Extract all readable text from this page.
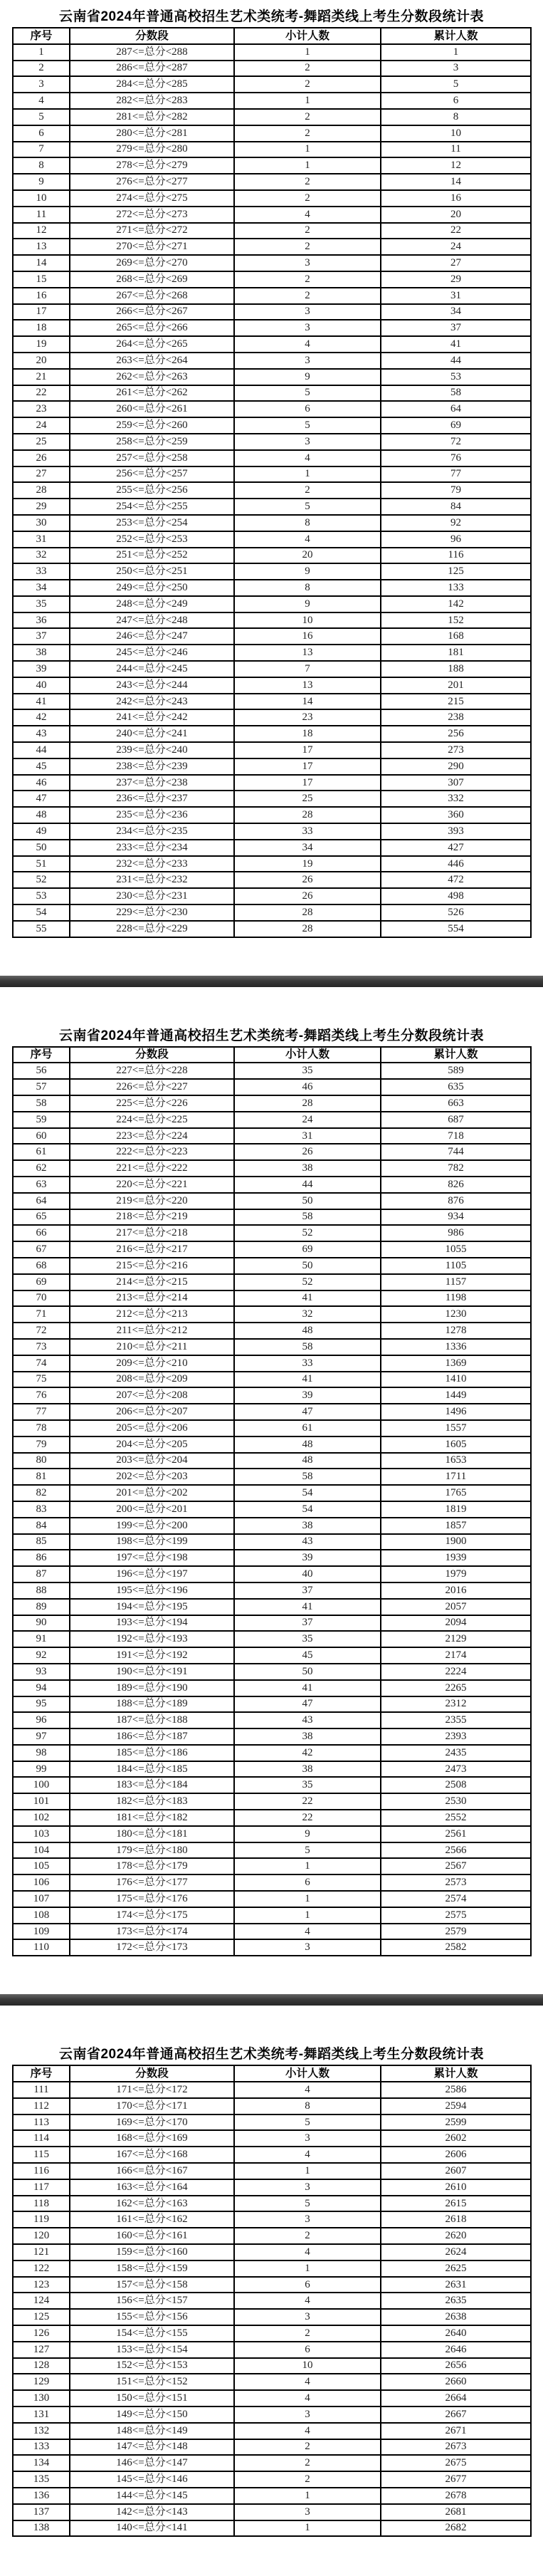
云南省2024年普通高校招生艺术类统考-舞蹈类线上考生分数段统计表
序号	分数段	小计人数	累计人数
1	287<=总分<288	1	1
2	286<=总分<287	2	3
3	284<=总分<285	2	5
4	282<=总分<283	1	6
5	281<=总分<282	2	8
6	280<=总分<281	2	10
7	279<=总分<280	1	11
8	278<=总分<279	1	12
9	276<=总分<277	2	14
10	274<=总分<275	2	16
11	272<=总分<273	4	20
12	271<=总分<272	2	22
13	270<=总分<271	2	24
14	269<=总分<270	3	27
15	268<=总分<269	2	29
16	267<=总分<268	2	31
17	266<=总分<267	3	34
18	265<=总分<266	3	37
19	264<=总分<265	4	41
20	263<=总分<264	3	44
21	262<=总分<263	9	53
22	261<=总分<262	5	58
23	260<=总分<261	6	64
24	259<=总分<260	5	69
25	258<=总分<259	3	72
26	257<=总分<258	4	76
27	256<=总分<257	1	77
28	255<=总分<256	2	79
29	254<=总分<255	5	84
30	253<=总分<254	8	92
31	252<=总分<253	4	96
32	251<=总分<252	20	116
33	250<=总分<251	9	125
34	249<=总分<250	8	133
35	248<=总分<249	9	142
36	247<=总分<248	10	152
37	246<=总分<247	16	168
38	245<=总分<246	13	181
39	244<=总分<245	7	188
40	243<=总分<244	13	201
41	242<=总分<243	14	215
42	241<=总分<242	23	238
43	240<=总分<241	18	256
44	239<=总分<240	17	273
45	238<=总分<239	17	290
46	237<=总分<238	17	307
47	236<=总分<237	25	332
48	235<=总分<236	28	360
49	234<=总分<235	33	393
50	233<=总分<234	34	427
51	232<=总分<233	19	446
52	231<=总分<232	26	472
53	230<=总分<231	26	498
54	229<=总分<230	28	526
55	228<=总分<229	28	554
云南省2024年普通高校招生艺术类统考-舞蹈类线上考生分数段统计表
序号	分数段	小计人数	累计人数
56	227<=总分<228	35	589
57	226<=总分<227	46	635
58	225<=总分<226	28	663
59	224<=总分<225	24	687
60	223<=总分<224	31	718
61	222<=总分<223	26	744
62	221<=总分<222	38	782
63	220<=总分<221	44	826
64	219<=总分<220	50	876
65	218<=总分<219	58	934
66	217<=总分<218	52	986
67	216<=总分<217	69	1055
68	215<=总分<216	50	1105
69	214<=总分<215	52	1157
70	213<=总分<214	41	1198
71	212<=总分<213	32	1230
72	211<=总分<212	48	1278
73	210<=总分<211	58	1336
74	209<=总分<210	33	1369
75	208<=总分<209	41	1410
76	207<=总分<208	39	1449
77	206<=总分<207	47	1496
78	205<=总分<206	61	1557
79	204<=总分<205	48	1605
80	203<=总分<204	48	1653
81	202<=总分<203	58	1711
82	201<=总分<202	54	1765
83	200<=总分<201	54	1819
84	199<=总分<200	38	1857
85	198<=总分<199	43	1900
86	197<=总分<198	39	1939
87	196<=总分<197	40	1979
88	195<=总分<196	37	2016
89	194<=总分<195	41	2057
90	193<=总分<194	37	2094
91	192<=总分<193	35	2129
92	191<=总分<192	45	2174
93	190<=总分<191	50	2224
94	189<=总分<190	41	2265
95	188<=总分<189	47	2312
96	187<=总分<188	43	2355
97	186<=总分<187	38	2393
98	185<=总分<186	42	2435
99	184<=总分<185	38	2473
100	183<=总分<184	35	2508
101	182<=总分<183	22	2530
102	181<=总分<182	22	2552
103	180<=总分<181	9	2561
104	179<=总分<180	5	2566
105	178<=总分<179	1	2567
106	176<=总分<177	6	2573
107	175<=总分<176	1	2574
108	174<=总分<175	1	2575
109	173<=总分<174	4	2579
110	172<=总分<173	3	2582
云南省2024年普通高校招生艺术类统考-舞蹈类线上考生分数段统计表
序号	分数段	小计人数	累计人数
111	171<=总分<172	4	2586
112	170<=总分<171	8	2594
113	169<=总分<170	5	2599
114	168<=总分<169	3	2602
115	167<=总分<168	4	2606
116	166<=总分<167	1	2607
117	163<=总分<164	3	2610
118	162<=总分<163	5	2615
119	161<=总分<162	3	2618
120	160<=总分<161	2	2620
121	159<=总分<160	4	2624
122	158<=总分<159	1	2625
123	157<=总分<158	6	2631
124	156<=总分<157	4	2635
125	155<=总分<156	3	2638
126	154<=总分<155	2	2640
127	153<=总分<154	6	2646
128	152<=总分<153	10	2656
129	151<=总分<152	4	2660
130	150<=总分<151	4	2664
131	149<=总分<150	3	2667
132	148<=总分<149	4	2671
133	147<=总分<148	2	2673
134	146<=总分<147	2	2675
135	145<=总分<146	2	2677
136	144<=总分<145	1	2678
137	142<=总分<143	3	2681
138	140<=总分<141	1	2682
